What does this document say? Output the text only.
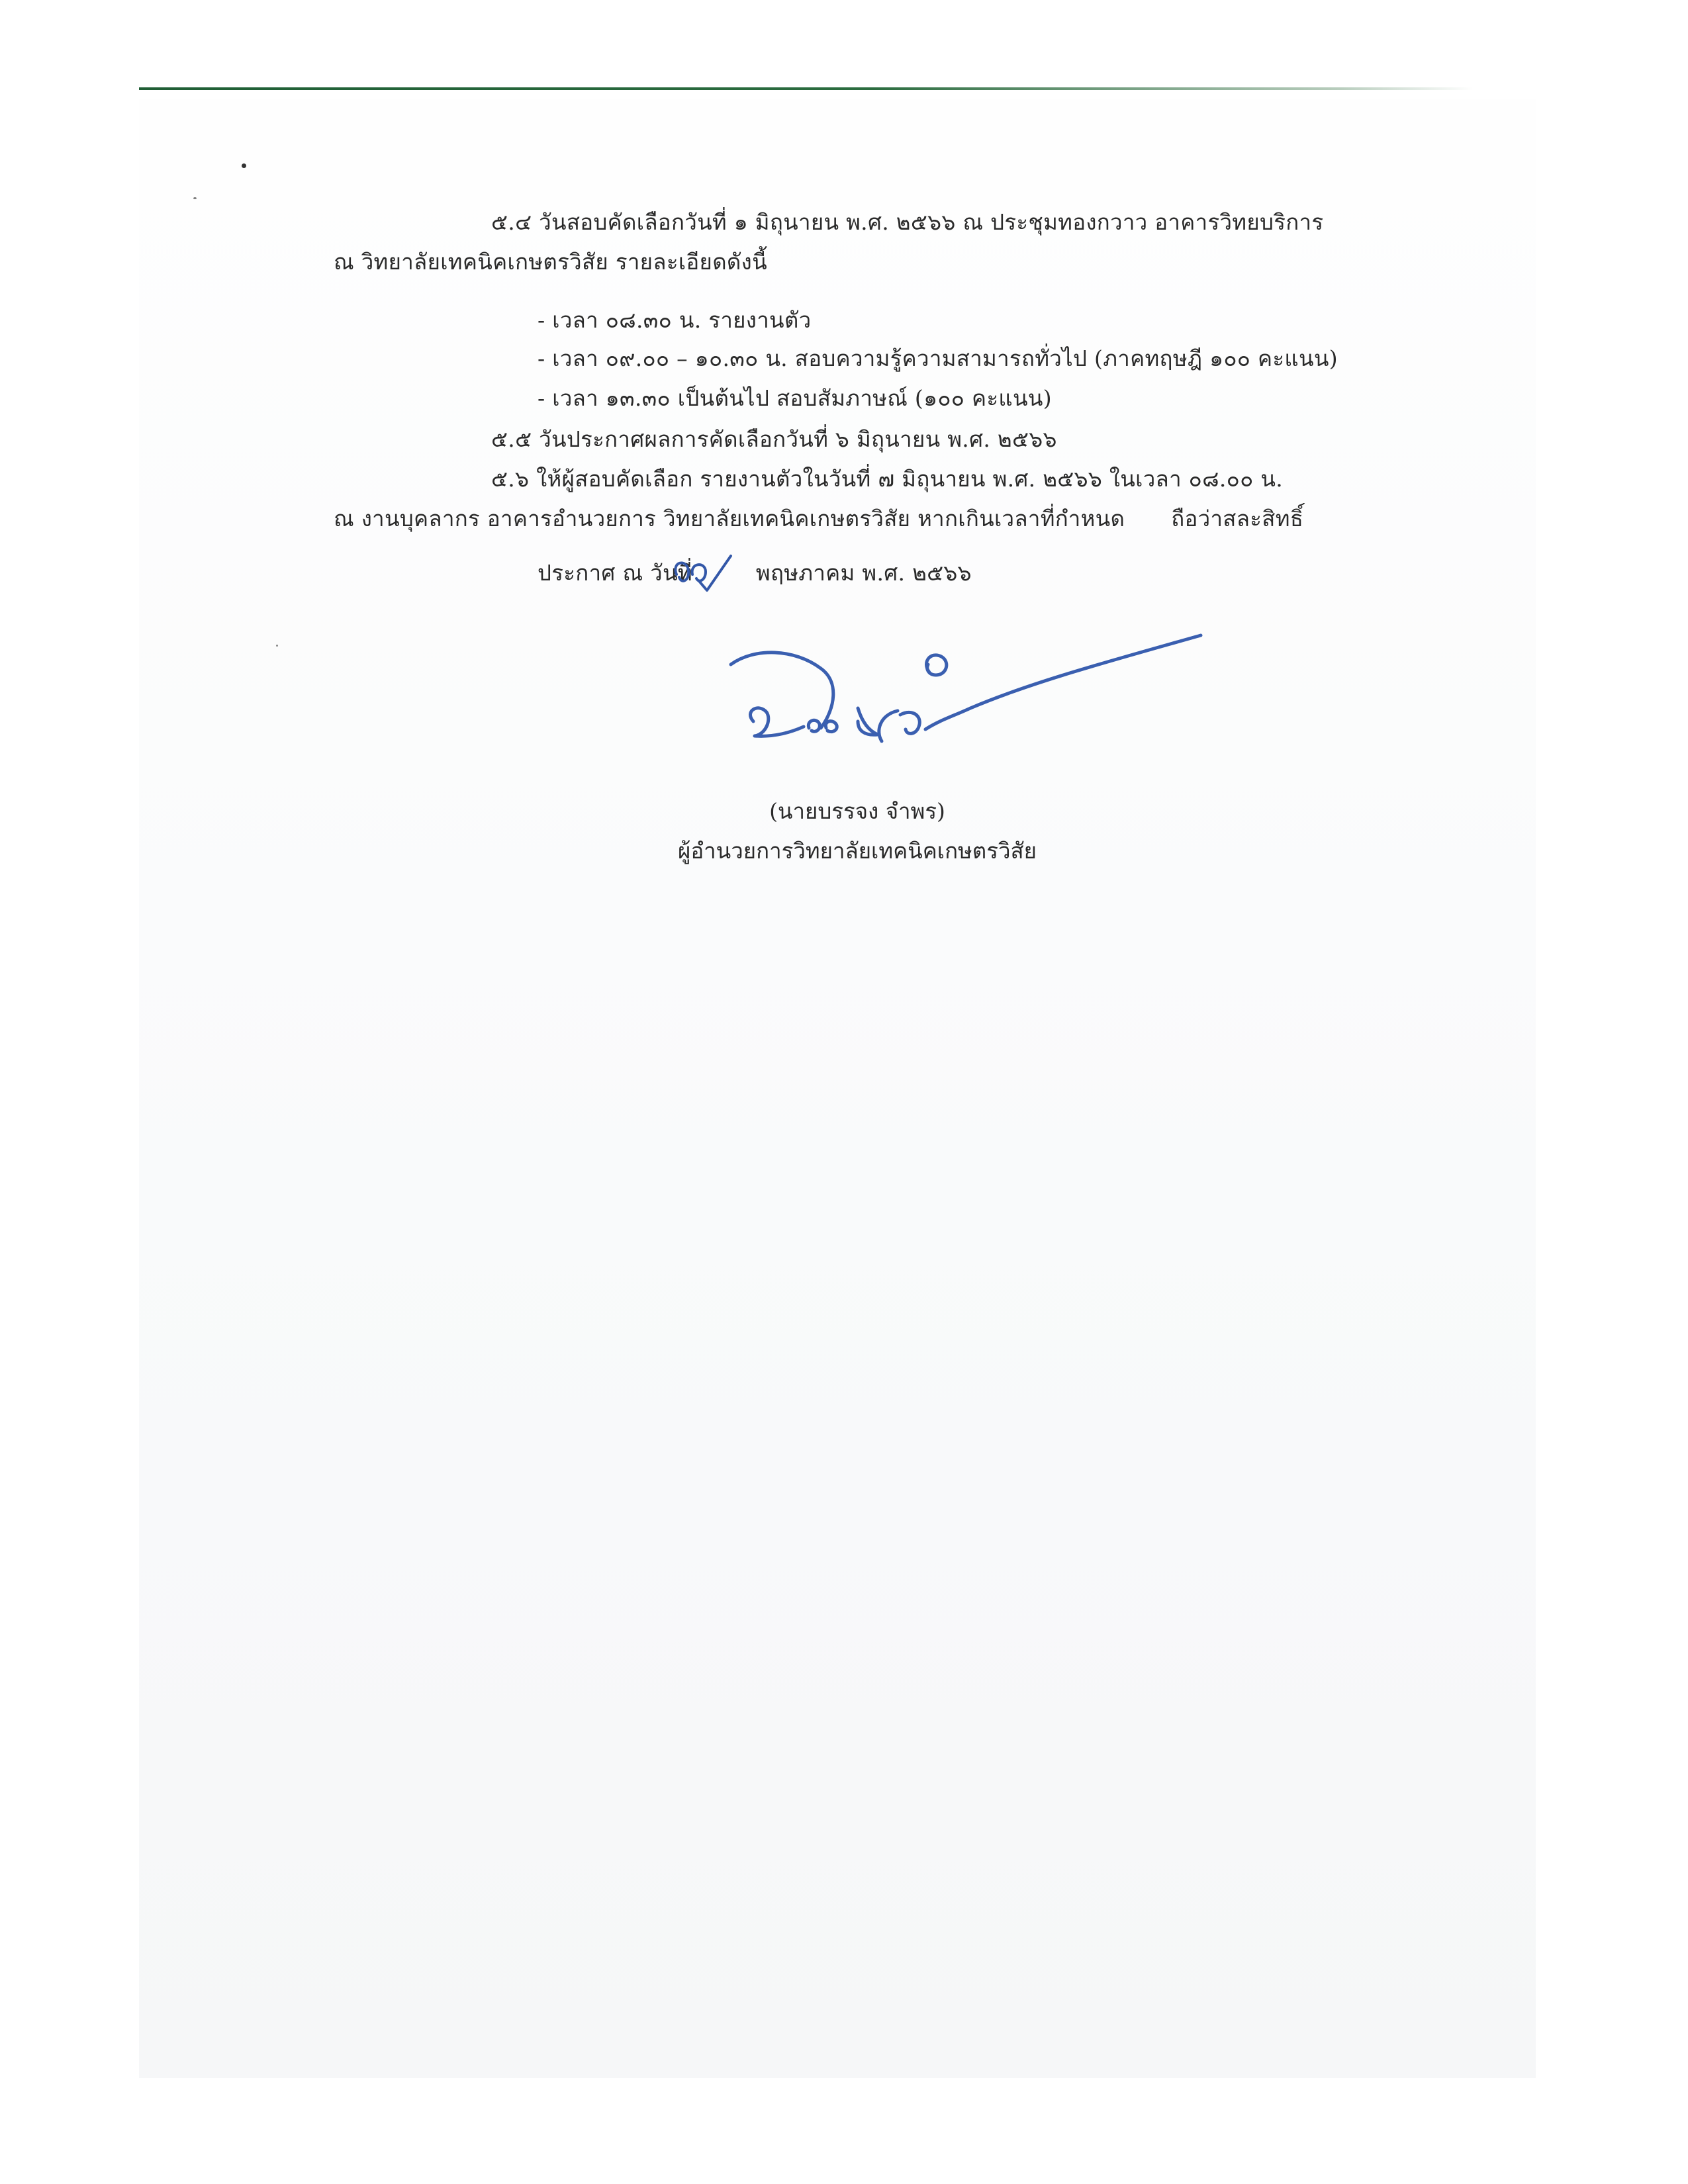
๕.๔ วันสอบคัดเลือกวันที่ ๑ มิถุนายน พ.ศ. ๒๕๖๖ ณ ประชุมทองกวาว อาคารวิทยบริการ
ณ วิทยาลัยเทคนิคเกษตรวิสัย รายละเอียดดังนี้
- เวลา ๐๘.๓๐ น. รายงานตัว
- เวลา ๐๙.๐๐ – ๑๐.๓๐ น. สอบความรู้ความสามารถทั่วไป (ภาคทฤษฎี ๑๐๐ คะแนน)
- เวลา ๑๓.๓๐ เป็นต้นไป สอบสัมภาษณ์ (๑๐๐ คะแนน)
๕.๕ วันประกาศผลการคัดเลือกวันที่ ๖ มิถุนายน พ.ศ. ๒๕๖๖
๕.๖ ให้ผู้สอบคัดเลือก รายงานตัวในวันที่ ๗ มิถุนายน พ.ศ. ๒๕๖๖ ในเวลา ๐๘.๐๐ น.
ณ งานบุคลากร อาคารอำนวยการ วิทยาลัยเทคนิคเกษตรวิสัย หากเกินเวลาที่กำหนด ถือว่าสละสิทธิ์
ประกาศ ณ วันที่	พฤษภาคม พ.ศ. ๒๕๖๖
(นายบรรจง จำพร)
ผู้อำนวยการวิทยาลัยเทคนิคเกษตรวิสัย
